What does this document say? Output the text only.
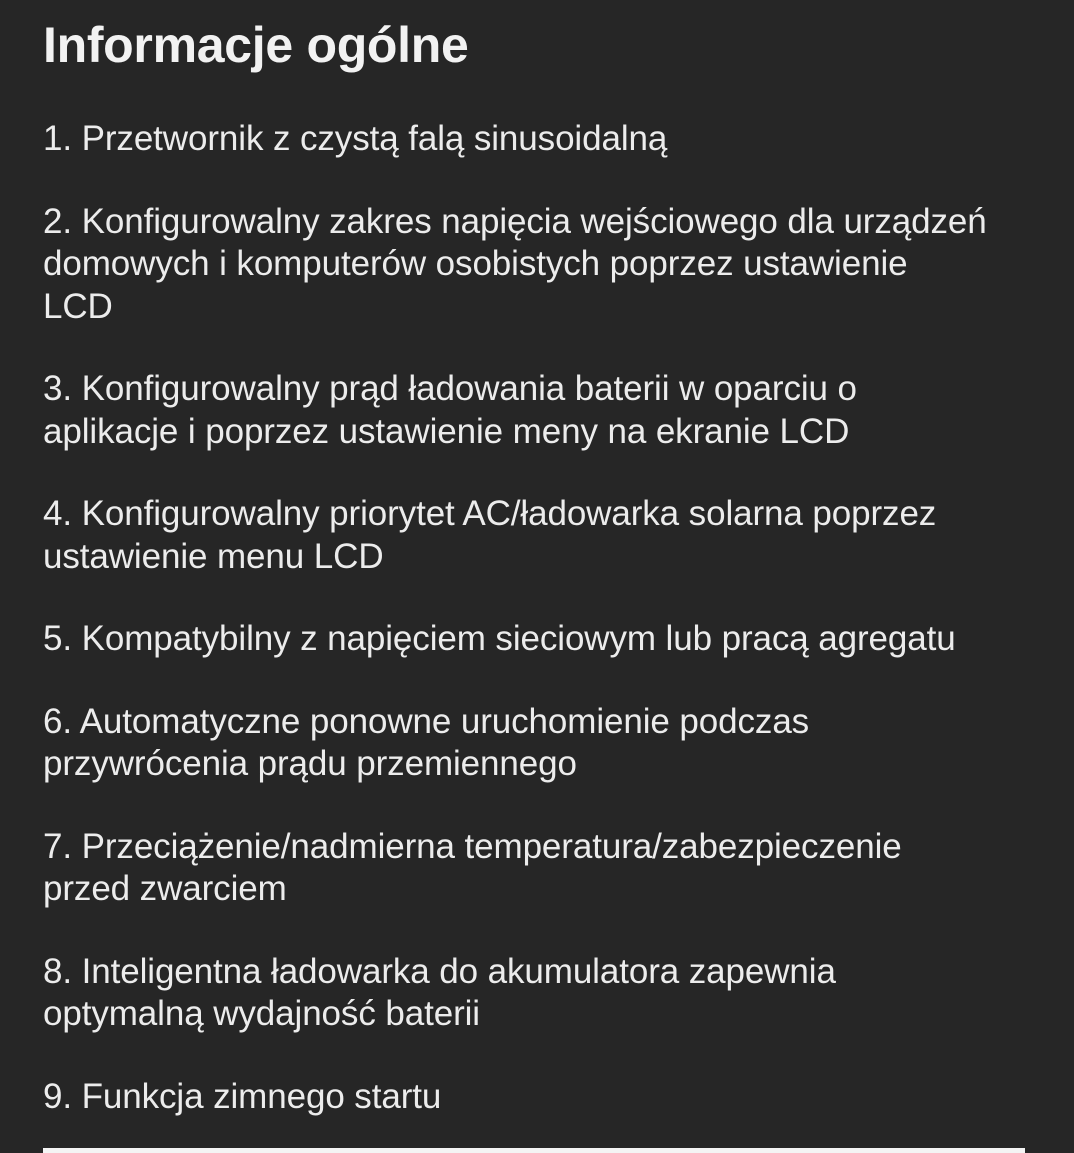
Informacje ogólne
1. Przetwornik z czystą falą sinusoidalną
2. Konfigurowalny zakres napięcia wejściowego dla urządzeń
domowych i komputerów osobistych poprzez ustawienie
LCD
3. Konfigurowalny prąd ładowania baterii w oparciu o
aplikacje i poprzez ustawienie meny na ekranie LCD
4. Konfigurowalny priorytet AC/ładowarka solarna poprzez
ustawienie menu LCD
5. Kompatybilny z napięciem sieciowym lub pracą agregatu
6. Automatyczne ponowne uruchomienie podczas
przywrócenia prądu przemiennego
7. Przeciążenie/nadmierna temperatura/zabezpieczenie
przed zwarciem
8. Inteligentna ładowarka do akumulatora zapewnia
optymalną wydajność baterii
9. Funkcja zimnego startu
